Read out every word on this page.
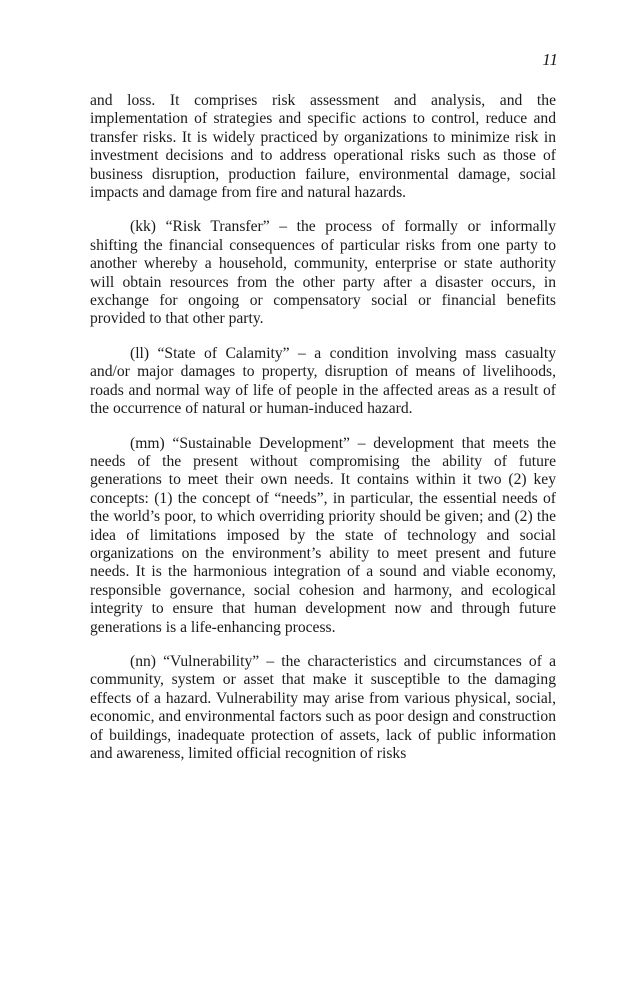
11

and loss. It comprises risk assessment and analysis, and the implementation of strategies and specific actions to control, reduce and transfer risks. It is widely practiced by organizations to minimize risk in investment decisions and to address operational risks such as those of business disruption, production failure, environmental damage, social impacts and damage from fire and natural hazards.

(kk) “Risk Transfer” – the process of formally or informally shifting the financial consequences of particular risks from one party to another whereby a household, community, enterprise or state authority will obtain resources from the other party after a disaster occurs, in exchange for ongoing or compensatory social or financial benefits provided to that other party.

(ll) “State of Calamity” – a condition involving mass casualty and/or major damages to property, disruption of means of livelihoods, roads and normal way of life of people in the affected areas as a result of the occurrence of natural or human-induced hazard.

(mm) “Sustainable Development” – development that meets the needs of the present without compromising the ability of future generations to meet their own needs. It contains within it two (2) key concepts: (1) the concept of “needs”, in particular, the essential needs of the world’s poor, to which overriding priority should be given; and (2) the idea of limitations imposed by the state of technology and social organizations on the environment’s ability to meet present and future needs. It is the harmonious integration of a sound and viable economy, responsible governance, social cohesion and harmony, and ecological integrity to ensure that human development now and through future generations is a life-enhancing process.

(nn) “Vulnerability” – the characteristics and circumstances of a community, system or asset that make it susceptible to the damaging effects of a hazard. Vulnerability may arise from various physical, social, economic, and environmental factors such as poor design and construction of buildings, inadequate protection of assets, lack of public information and awareness, limited official recognition of risks
